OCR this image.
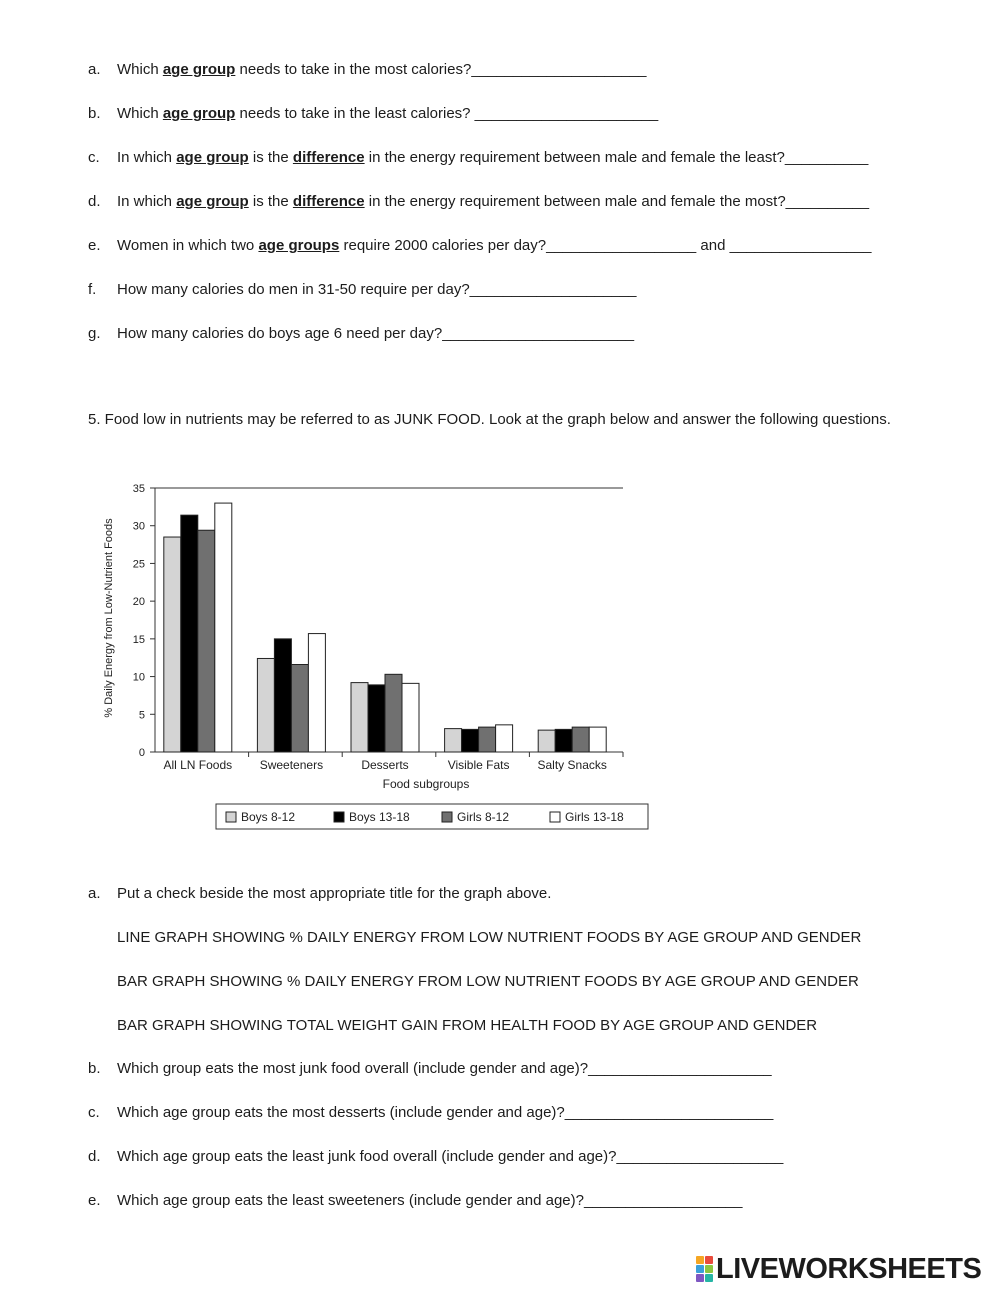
a. Which age group needs to take in the most calories?_____________________
b. Which age group needs to take in the least calories? ______________________
c. In which age group is the difference in the energy requirement between male and female the least?__________
d. In which age group is the difference in the energy requirement between male and female the most?__________
e. Women in which two age groups require 2000 calories per day?__________________ and _________________
f. How many calories do men in 31-50 require per day?____________________
g. How many calories do boys age 6 need per day?_______________________
5. Food low in nutrients may be referred to as JUNK FOOD. Look at the graph below and answer the following questions.
0
5
10
15
20
25
30
35
All LN Foods Sweeteners	Desserts	Visible Fats Salty Snacks
% Daily Energy from Low-Nutrient Foods
Food subgroups
Boys 8-12	Boys 13-18	Girls 8-12	Girls 13-18
a. Put a check beside the most appropriate title for the graph above.
LINE GRAPH SHOWING % DAILY ENERGY FROM LOW NUTRIENT FOODS BY AGE GROUP AND GENDER
BAR GRAPH SHOWING % DAILY ENERGY FROM LOW NUTRIENT FOODS BY AGE GROUP AND GENDER
BAR GRAPH SHOWING TOTAL WEIGHT GAIN FROM HEALTH FOOD BY AGE GROUP AND GENDER
b. Which group eats the most junk food overall (include gender and age)?______________________
c. Which age group eats the most desserts (include gender and age)?_________________________
d. Which age group eats the least junk food overall (include gender and age)?____________________
e. Which age group eats the least sweeteners (include gender and age)?___________________
LIVEWORKSHEETS
